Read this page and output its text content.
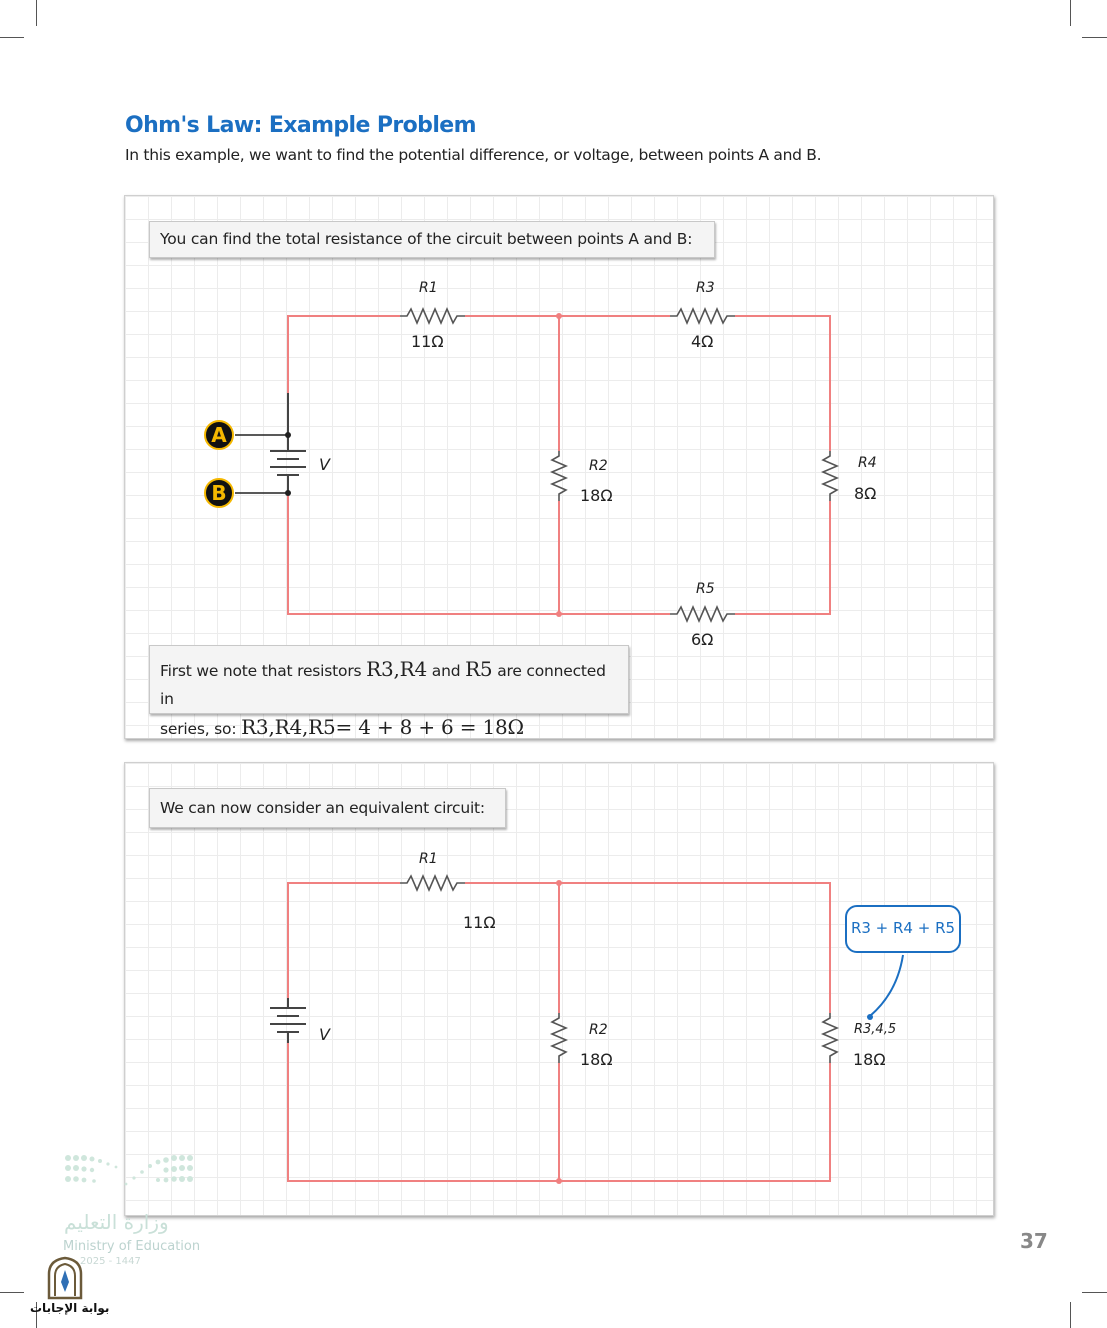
Ohm's Law: Example Problem
In this example, we want to find the potential difference, or voltage, between points A and B.
You can find the total resistance of the circuit between points A and B:
A
B
V
R1
11Ω
R3
4Ω
R2
18Ω
R4
8Ω
R5
6Ω
First we note that resistors R3,R4 and R5 are connected in
series, so: R3,R4,R5= 4 + 8 + 6 = 18Ω
We can now consider an equivalent circuit:
V
R1
11Ω
R2
18Ω
R3,4,5
18Ω
R3 + R4 + R5
وزارة التعليم
Ministry of Education
2025 - 1447
بوابة الإجابات
37
